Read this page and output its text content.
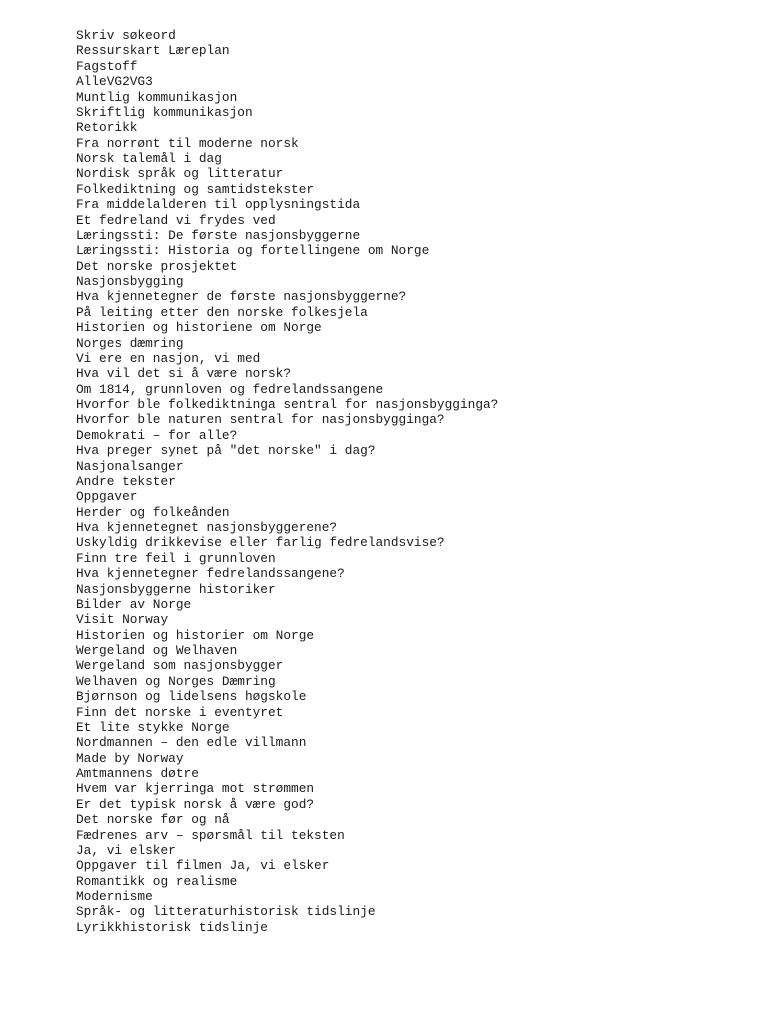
Skriv søkeord
Ressurskart Læreplan
Fagstoff
AlleVG2VG3
Muntlig kommunikasjon
Skriftlig kommunikasjon
Retorikk
Fra norrønt til moderne norsk
Norsk talemål i dag
Nordisk språk og litteratur
Folkediktning og samtidstekster
Fra middelalderen til opplysningstida
Et fedreland vi frydes ved
Læringssti: De første nasjonsbyggerne
Læringssti: Historia og fortellingene om Norge
Det norske prosjektet
Nasjonsbygging
Hva kjennetegner de første nasjonsbyggerne?
På leiting etter den norske folkesjela
Historien og historiene om Norge
Norges dæmring
Vi ere en nasjon, vi med
Hva vil det si å være norsk?
Om 1814, grunnloven og fedrelandssangene
Hvorfor ble folkediktninga sentral for nasjonsbygginga?
Hvorfor ble naturen sentral for nasjonsbygginga?
Demokrati – for alle?
Hva preger synet på "det norske" i dag?
Nasjonalsanger
Andre tekster
Oppgaver
Herder og folkeånden
Hva kjennetegnet nasjonsbyggerene?
Uskyldig drikkevise eller farlig fedrelandsvise?
Finn tre feil i grunnloven
Hva kjennetegner fedrelandssangene?
Nasjonsbyggerne historiker
Bilder av Norge
Visit Norway
Historien og historier om Norge
Wergeland og Welhaven
Wergeland som nasjonsbygger
Welhaven og Norges Dæmring
Bjørnson og lidelsens høgskole
Finn det norske i eventyret
Et lite stykke Norge
Nordmannen – den edle villmann
Made by Norway
Amtmannens døtre
Hvem var kjerringa mot strømmen
Er det typisk norsk å være god?
Det norske før og nå
Fædrenes arv – spørsmål til teksten
Ja, vi elsker
Oppgaver til filmen Ja, vi elsker
Romantikk og realisme
Modernisme
Språk- og litteraturhistorisk tidslinje
Lyrikkhistorisk tidslinje
